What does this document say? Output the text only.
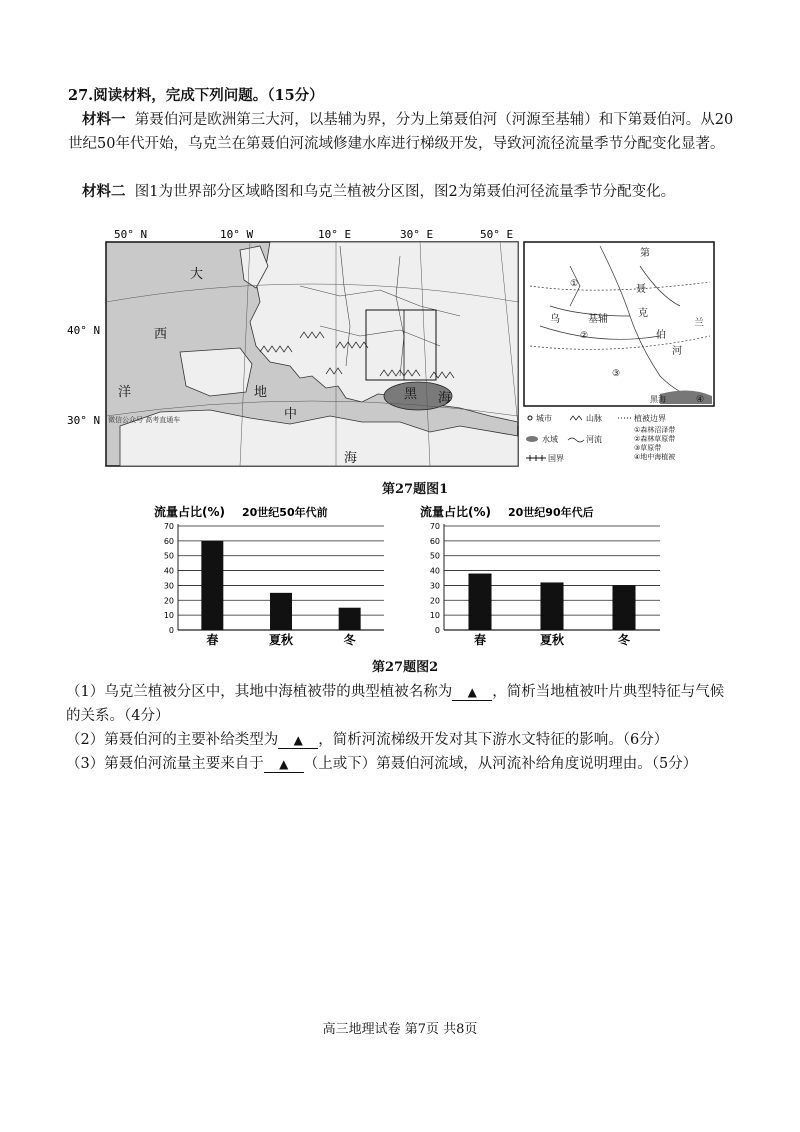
27.阅读材料，完成下列问题。（15分）

材料一 第聂伯河是欧洲第三大河，以基辅为界，分为上第聂伯河（河源至基辅）和下第聂伯河。从20世纪50年代开始，乌克兰在第聂伯河流域修建水库进行梯级开发，导致河流径流量季节分配变化显著。

材料二 图1为世界部分区域略图和乌克兰植被分区图，图2为第聂伯河径流量季节分配变化。

50° N	10° W	10° E	30° E	50° E
40° N
30° N
大
西
洋	地
中
海
黑 海
微信公众号 高考直通车
第
聂
乌	基辅
克
伯
河
兰
黑海
①
②
③
④
城市	山脉	植被边界
水域	河流
国界
①森林沼泽带
②森林草原带
③草原带
④地中海植被
第27题图1
流量占比(%) 20世纪50年代前
0
10
20
30
40
50
60
70
春	夏秋	冬
流量占比(%) 20世纪90年代后
0
10
20
30
40
50
60
70
春	夏秋	冬
第27题图2

（1）乌克兰植被分区中，其地中海植被带的典型植被名称为 ▲ ，简析当地植被叶片典型特征与气候的关系。（4分）

（2）第聂伯河的主要补给类型为 ▲ ，简析河流梯级开发对其下游水文特征的影响。（6分）

（3）第聂伯河流量主要来自于 ▲ （上或下）第聂伯河流域，从河流补给角度说明理由。（5分）

高三地理试卷 第7页 共8页
